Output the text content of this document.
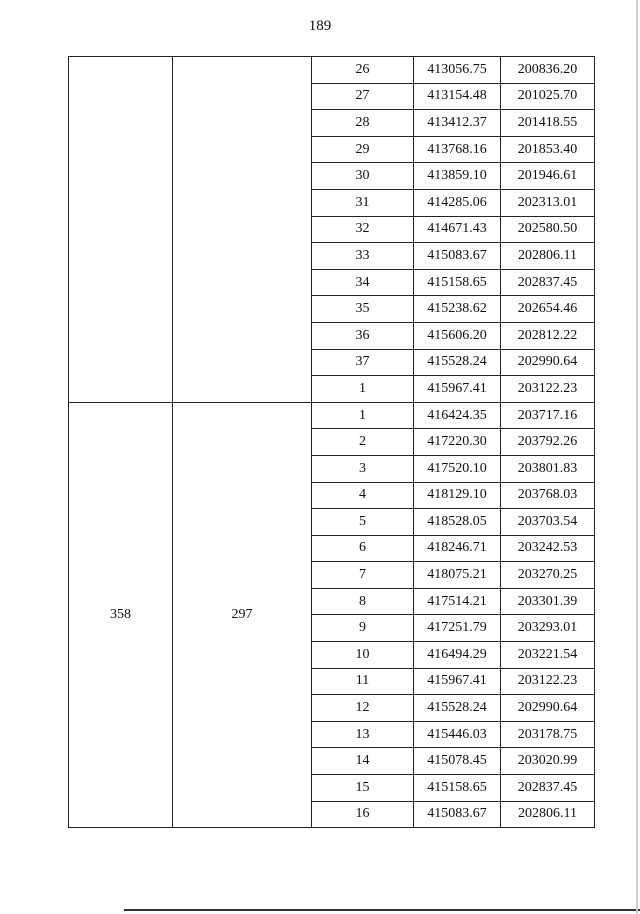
189
		26	413056.75	200836.20
		27	413154.48	201025.70
		28	413412.37	201418.55
		29	413768.16	201853.40
		30	413859.10	201946.61
		31	414285.06	202313.01
		32	414671.43	202580.50
		33	415083.67	202806.11
		34	415158.65	202837.45
		35	415238.62	202654.46
		36	415606.20	202812.22
		37	415528.24	202990.64
		1	415967.41	203122.23
358	297	1	416424.35	203717.16
		2	417220.30	203792.26
		3	417520.10	203801.83
		4	418129.10	203768.03
		5	418528.05	203703.54
		6	418246.71	203242.53
		7	418075.21	203270.25
		8	417514.21	203301.39
		9	417251.79	203293.01
		10	416494.29	203221.54
		11	415967.41	203122.23
		12	415528.24	202990.64
		13	415446.03	203178.75
		14	415078.45	203020.99
		15	415158.65	202837.45
		16	415083.67	202806.11
